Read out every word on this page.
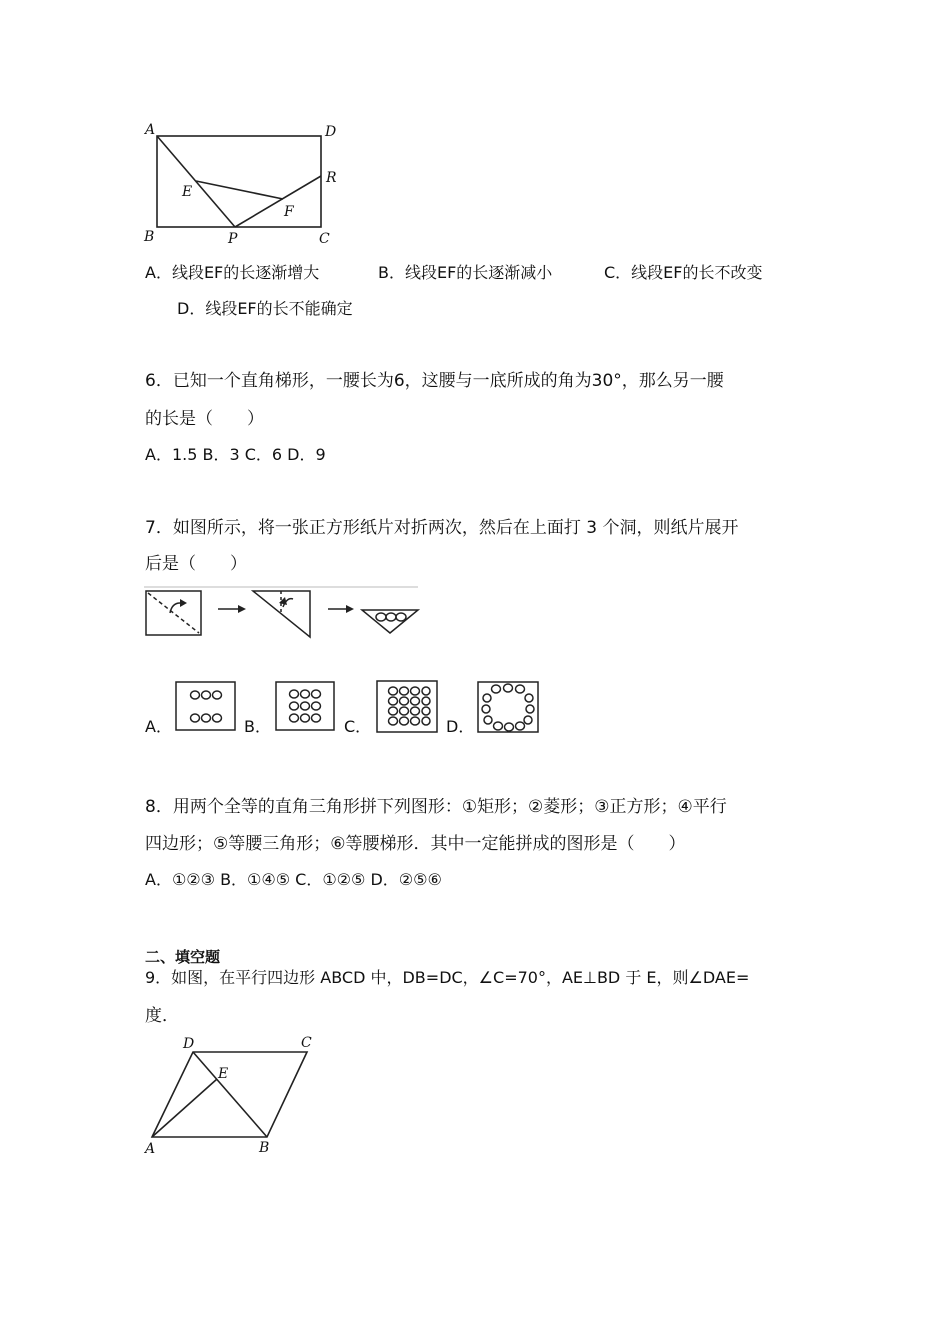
A	D
E
R
F
B	P	C
A．线段EF的长逐渐增大	B．线段EF的长逐渐减小	C．线段EF的长不改变
D．线段EF的长不能确定
6．已知一个直角梯形，一腰长为6，这腰与一底所成的角为30°，那么另一腰
的长是（　　）
A．1.5 B．3 C．6 D．9
7．如图所示，将一张正方形纸片对折两次，然后在上面打 3 个洞，则纸片展开
后是（　　）
A．	B．	C．	D．
8．用两个全等的直角三角形拼下列图形：①矩形；②菱形；③正方形；④平行
四边形；⑤等腰三角形；⑥等腰梯形．其中一定能拼成的图形是（　　）
A．①②③ B．①④⑤ C．①②⑤ D．②⑤⑥
二、填空题
9．如图，在平行四边形 ABCD 中，DB=DC，∠C=70°，AE⊥BD 于 E，则∠DAE=
度．
D	C
E
A	B
